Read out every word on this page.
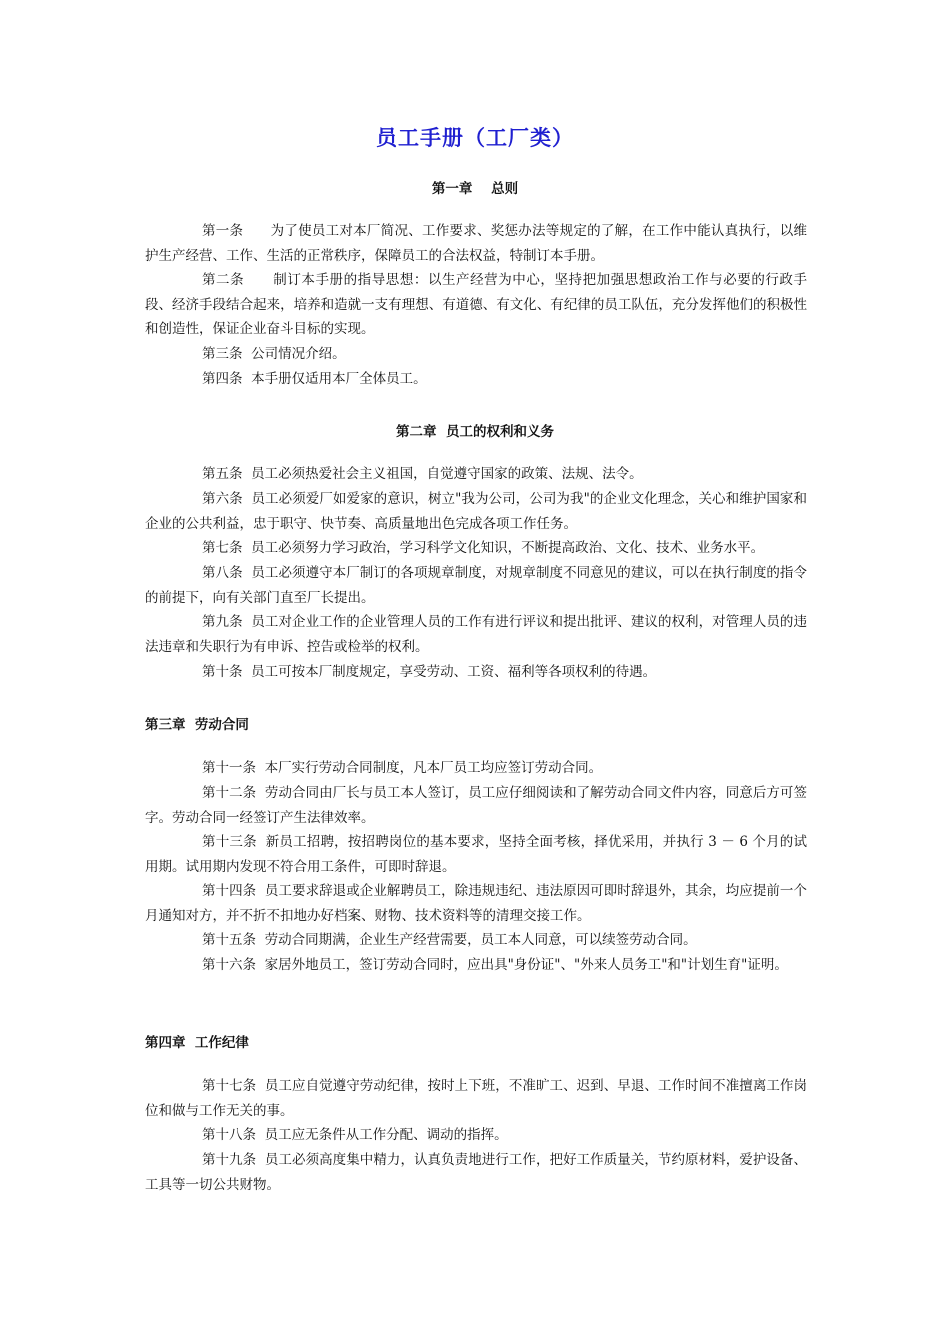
员工手册（工厂类）
第一章    总则

第一条      为了使员工对本厂简况、工作要求、奖惩办法等规定的了解，在工作中能认真执行，以维护生产经营、工作、生活的正常秩序，保障员工的合法权益，特制订本手册。

第二条      制订本手册的指导思想：以生产经营为中心，坚持把加强思想政治工作与必要的行政手段、经济手段结合起来，培养和造就一支有理想、有道德、有文化、有纪律的员工队伍，充分发挥他们的积极性和创造性，保证企业奋斗目标的实现。

第三条  公司情况介绍。

第四条  本手册仅适用本厂全体员工。

第二章  员工的权利和义务

第五条  员工必须热爱社会主义祖国，自觉遵守国家的政策、法规、法令。

第六条  员工必须爱厂如爱家的意识，树立"我为公司，公司为我"的企业文化理念，关心和维护国家和企业的公共利益，忠于职守、快节奏、高质量地出色完成各项工作任务。

第七条  员工必须努力学习政治，学习科学文化知识，不断提高政治、文化、技术、业务水平。

第八条  员工必须遵守本厂制订的各项规章制度，对规章制度不同意见的建议，可以在执行制度的指令的前提下，向有关部门直至厂长提出。

第九条  员工对企业工作的企业管理人员的工作有进行评议和提出批评、建议的权利，对管理人员的违法违章和失职行为有申诉、控告或检举的权利。

第十条  员工可按本厂制度规定，享受劳动、工资、福利等各项权利的待遇。

第三章  劳动合同

第十一条  本厂实行劳动合同制度，凡本厂员工均应签订劳动合同。

第十二条  劳动合同由厂长与员工本人签订，员工应仔细阅读和了解劳动合同文件内容，同意后方可签字。劳动合同一经签订产生法律效率。

第十三条  新员工招聘，按招聘岗位的基本要求，坚持全面考核，择优采用，并执行 3 － 6 个月的试用期。试用期内发现不符合用工条件，可即时辞退。

第十四条  员工要求辞退或企业解聘员工，除违规违纪、违法原因可即时辞退外，其余，均应提前一个月通知对方，并不折不扣地办好档案、财物、技术资料等的清理交接工作。

第十五条  劳动合同期满，企业生产经营需要，员工本人同意，可以续签劳动合同。

第十六条  家居外地员工，签订劳动合同时，应出具"身份证"、"外来人员务工"和"计划生育"证明。

第四章  工作纪律

第十七条  员工应自觉遵守劳动纪律，按时上下班，不准旷工、迟到、早退、工作时间不准擅离工作岗位和做与工作无关的事。

第十八条  员工应无条件从工作分配、调动的指挥。

第十九条  员工必须高度集中精力，认真负责地进行工作，把好工作质量关，节约原材料，爱护设备、工具等一切公共财物。
